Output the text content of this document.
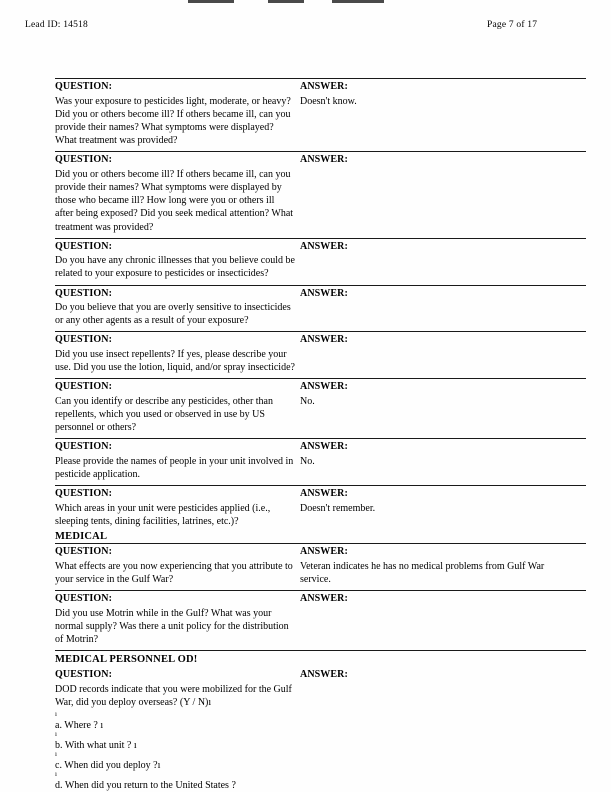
Lead ID: 14518	Page 7 of 17
QUESTION:
Was your exposure to pesticides light, moderate, or heavy? Did you or others become ill? If others became ill, can you provide their names? What symptoms were displayed? What treatment was provided?
ANSWER:
Doesn't know.
QUESTION:
Did you or others become ill? If others became ill, can you provide their names? What symptoms were displayed by those who became ill? How long were you or others ill after being exposed? Did you seek medical attention? What treatment was provided?
ANSWER:
QUESTION:
Do you have any chronic illnesses that you believe could be related to your exposure to pesticides or insecticides?
ANSWER:
QUESTION:
Do you believe that you are overly sensitive to insecticides or any other agents as a result of your exposure?
ANSWER:
QUESTION:
Did you use insect repellents? If yes, please describe your use. Did you use the lotion, liquid, and/or spray insecticide?
ANSWER:
QUESTION:
Can you identify or describe any pesticides, other than repellents, which you used or observed in use by US personnel or others?
ANSWER:
No.
QUESTION:
Please provide the names of people in your unit involved in pesticide application.
ANSWER:
No.
QUESTION:
Which areas in your unit were pesticides applied (i.e., sleeping tents, dining facilities, latrines, etc.)?
ANSWER:
Doesn't remember.
MEDICAL
QUESTION:
What effects are you now experiencing that you attribute to your service in the Gulf War?
ANSWER:
Veteran indicates he has no medical problems from Gulf War service.
QUESTION:
Did you use Motrin while in the Gulf? What was your normal supply? Was there a unit policy for the distribution of Motrin?
ANSWER:
MEDICAL PERSONNEL OD!
QUESTION:
DOD records indicate that you were mobilized for the Gulf War, did you deploy overseas? (Y / N)ı
ı
a. Where ? ı
ı
b. With what unit ? ı
ı
c. When did you deploy ?ı
ı
d. When did you return to the United States ?
ANSWER:
